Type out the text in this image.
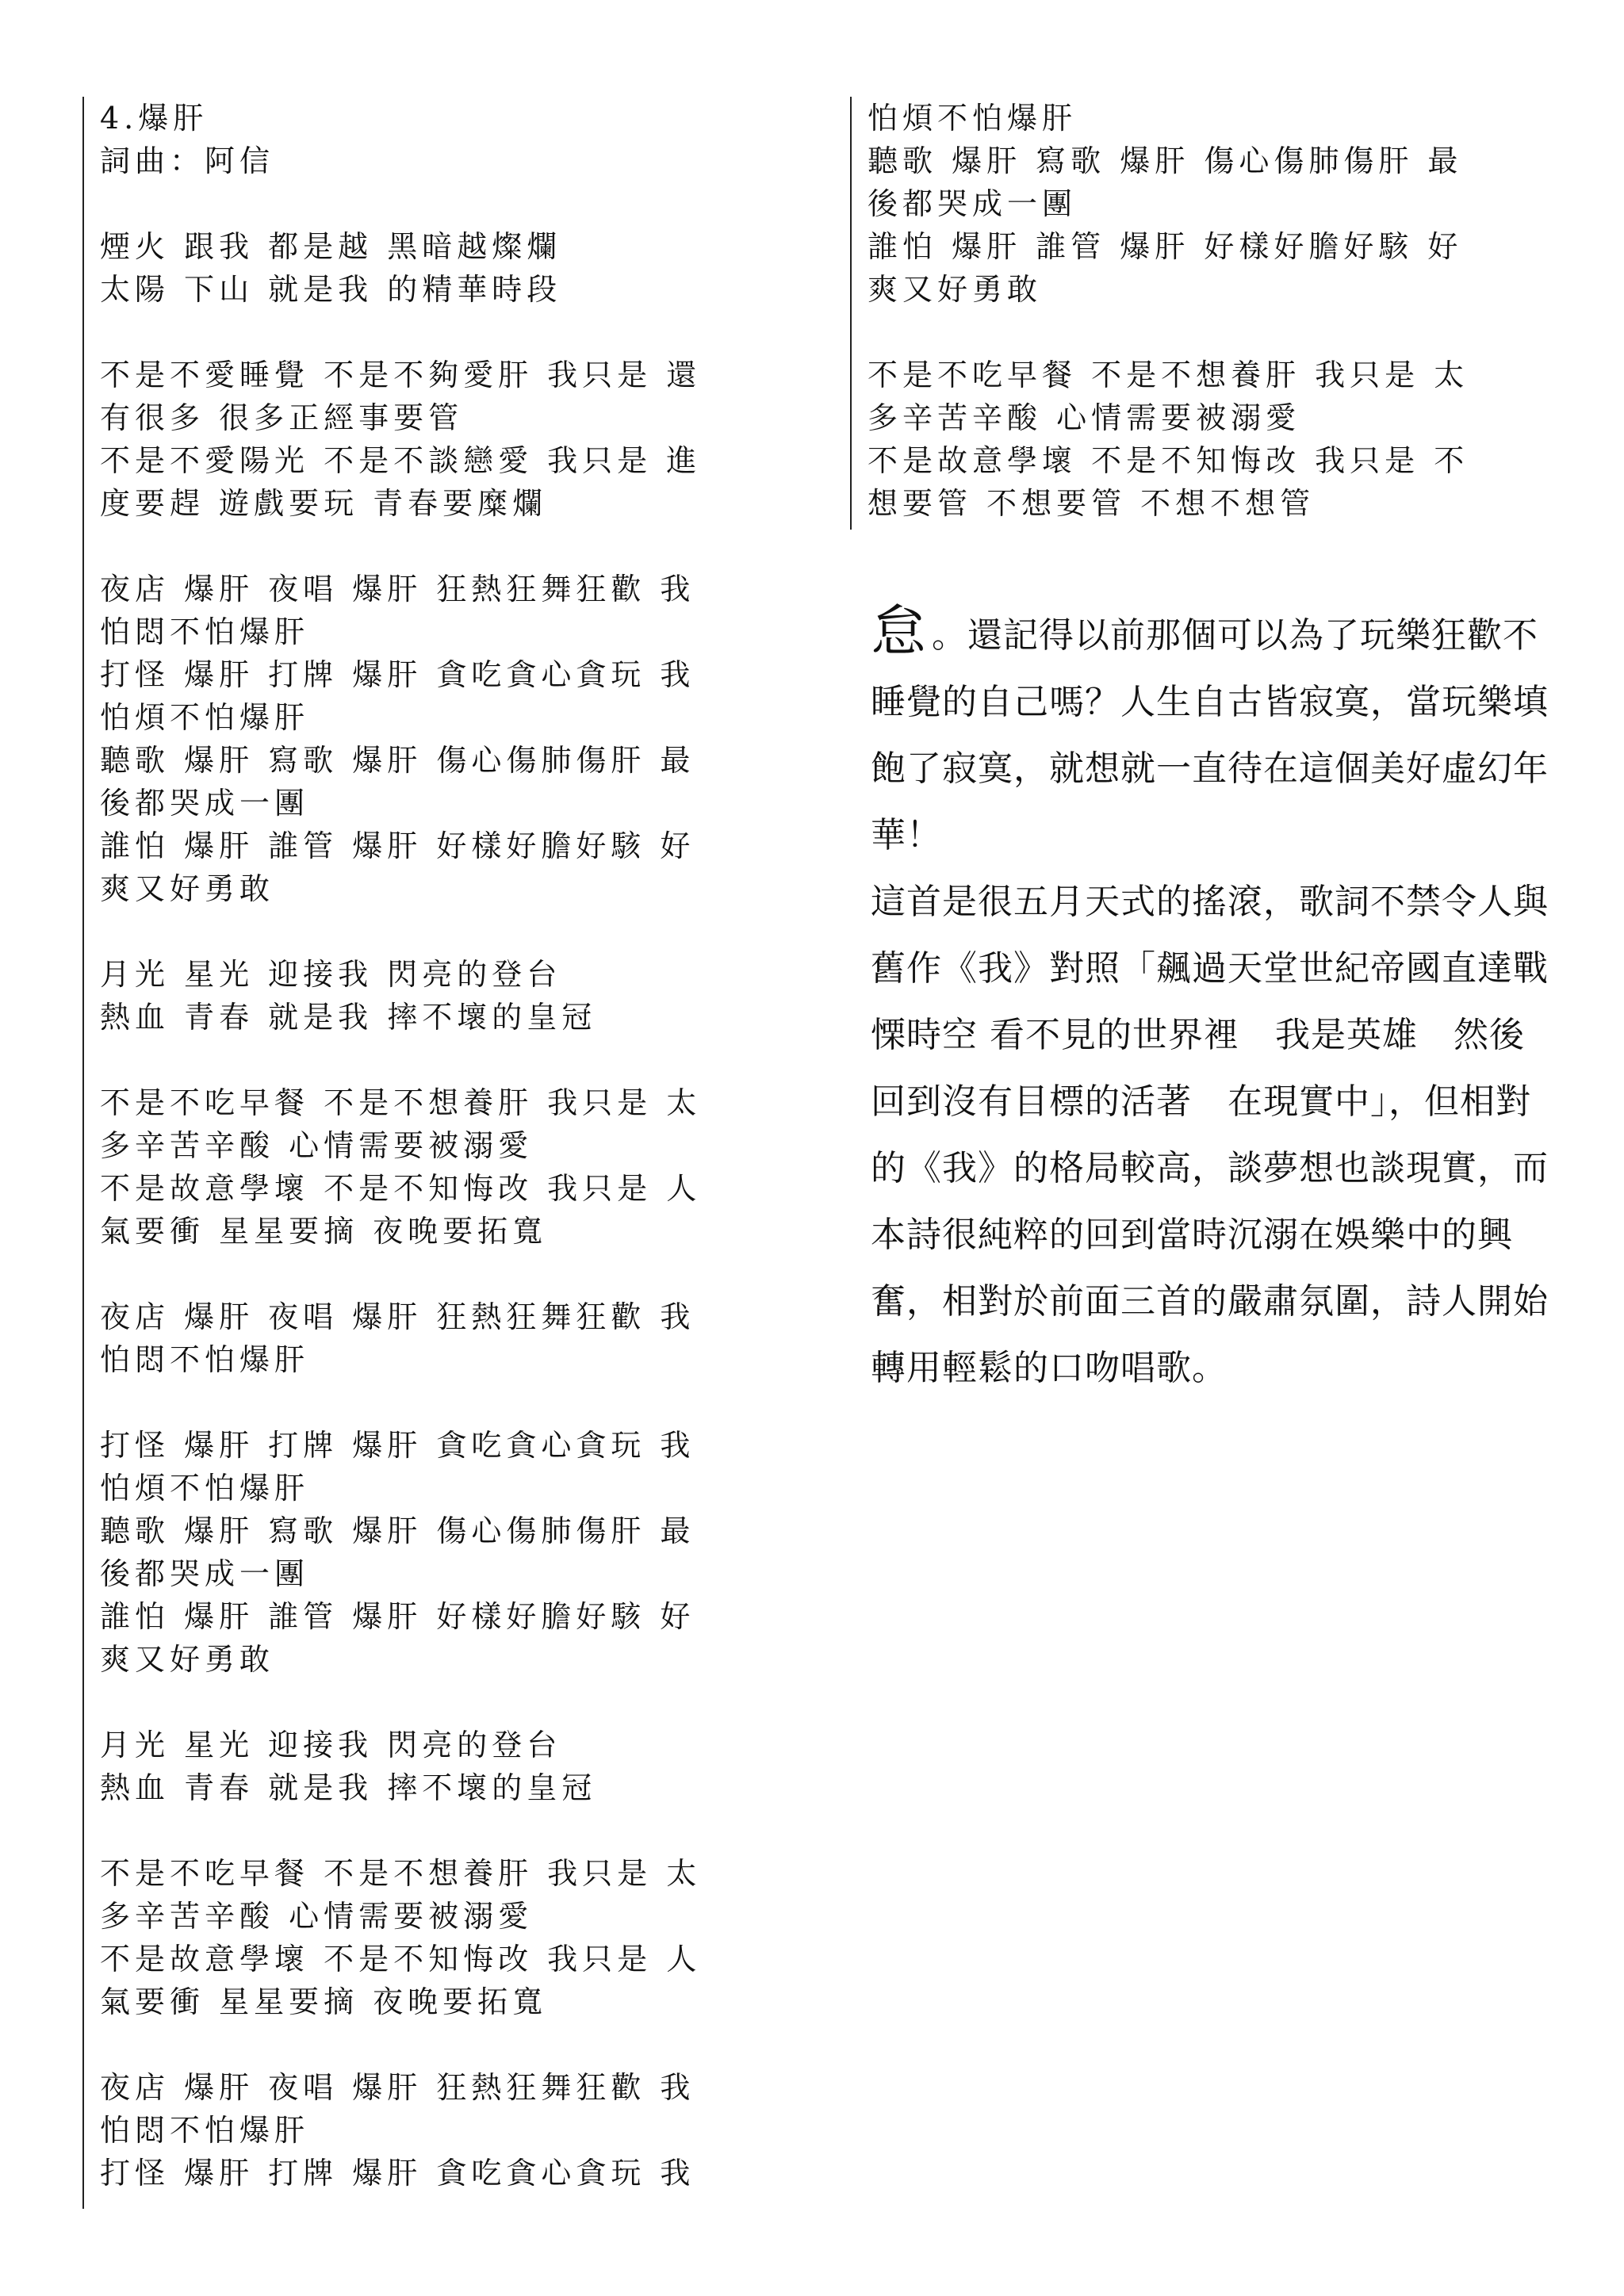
4.爆肝
詞曲：阿信
煙火 跟我 都是越 黑暗越燦爛
太陽 下山 就是我 的精華時段
不是不愛睡覺 不是不夠愛肝 我只是 還
有很多 很多正經事要管
不是不愛陽光 不是不談戀愛 我只是 進
度要趕 遊戲要玩 青春要糜爛
夜店 爆肝 夜唱 爆肝 狂熱狂舞狂歡 我
怕悶不怕爆肝
打怪 爆肝 打牌 爆肝 貪吃貪心貪玩 我
怕煩不怕爆肝
聽歌 爆肝 寫歌 爆肝 傷心傷肺傷肝 最
後都哭成一團
誰怕 爆肝 誰管 爆肝 好樣好膽好駭 好
爽又好勇敢
月光 星光 迎接我 閃亮的登台
熱血 青春 就是我 摔不壞的皇冠
不是不吃早餐 不是不想養肝 我只是 太
多辛苦辛酸 心情需要被溺愛
不是故意學壞 不是不知悔改 我只是 人
氣要衝 星星要摘 夜晚要拓寬
夜店 爆肝 夜唱 爆肝 狂熱狂舞狂歡 我
怕悶不怕爆肝
打怪 爆肝 打牌 爆肝 貪吃貪心貪玩 我
怕煩不怕爆肝
聽歌 爆肝 寫歌 爆肝 傷心傷肺傷肝 最
後都哭成一團
誰怕 爆肝 誰管 爆肝 好樣好膽好駭 好
爽又好勇敢
月光 星光 迎接我 閃亮的登台
熱血 青春 就是我 摔不壞的皇冠
不是不吃早餐 不是不想養肝 我只是 太
多辛苦辛酸 心情需要被溺愛
不是故意學壞 不是不知悔改 我只是 人
氣要衝 星星要摘 夜晚要拓寬
夜店 爆肝 夜唱 爆肝 狂熱狂舞狂歡 我
怕悶不怕爆肝
打怪 爆肝 打牌 爆肝 貪吃貪心貪玩 我
怕煩不怕爆肝
聽歌 爆肝 寫歌 爆肝 傷心傷肺傷肝 最
後都哭成一團
誰怕 爆肝 誰管 爆肝 好樣好膽好駭 好
爽又好勇敢
不是不吃早餐 不是不想養肝 我只是 太
多辛苦辛酸 心情需要被溺愛
不是故意學壞 不是不知悔改 我只是 不
想要管 不想要管 不想不想管

怠 。還記得以前那個可以為了玩樂狂歡不睡覺的自己嗎？人生自古皆寂寞，當玩樂填飽了寂寞，就想就一直待在這個美好虛幻年華！

這首是很五月天式的搖滾，歌詞不禁令人與舊作《我》對照「飆過天堂世紀帝國直達戰慄時空 看不見的世界裡　我是英雄　然後回到沒有目標的活著　在現實中」，但相對的《我》的格局較高，談夢想也談現實，而本詩很純粹的回到當時沉溺在娛樂中的興奮，相對於前面三首的嚴肅氛圍，詩人開始轉用輕鬆的口吻唱歌。
